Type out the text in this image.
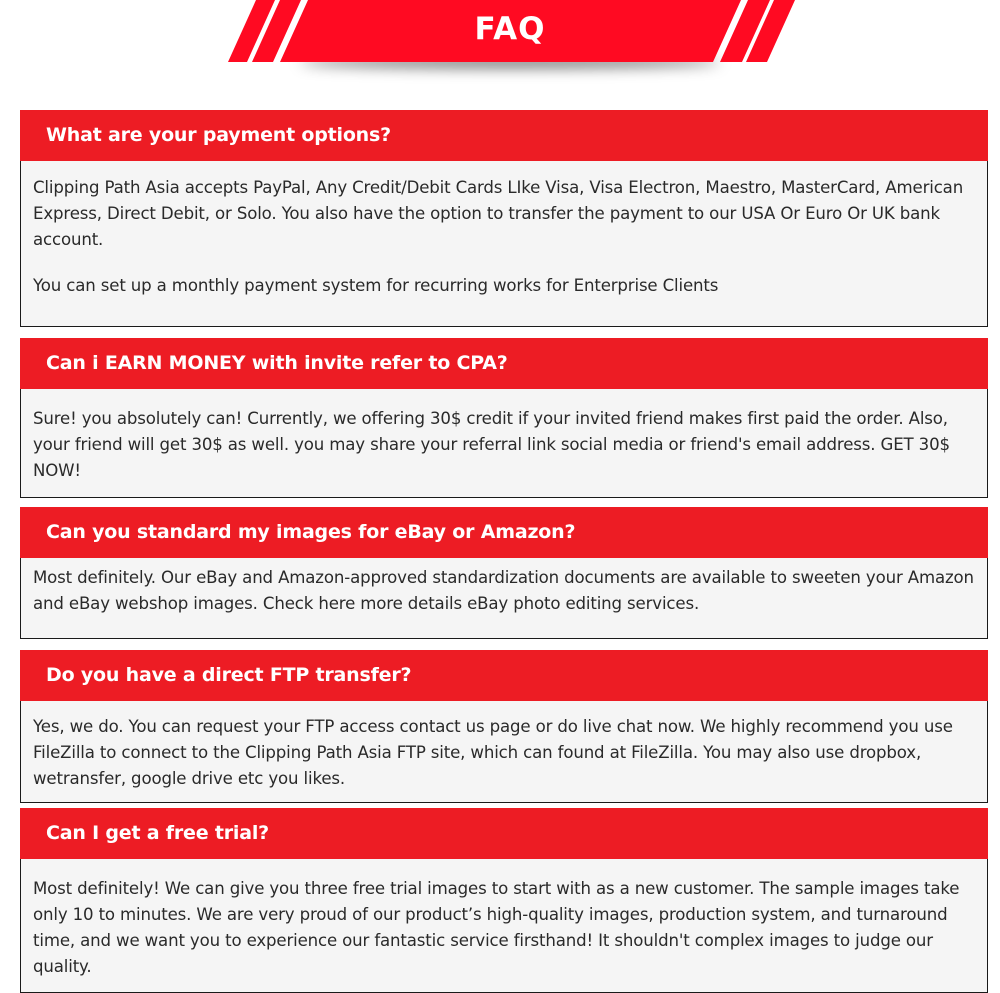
FAQ
What are your payment options?

Clipping Path Asia accepts PayPal, Any Credit/Debit Cards LIke Visa, Visa Electron, Maestro, MasterCard, American Express, Direct Debit, or Solo. You also have the option to transfer the payment to our USA Or Euro Or UK bank account.

You can set up a monthly payment system for recurring works for Enterprise Clients

Can i EARN MONEY with invite refer to CPA?

Sure! you absolutely can! Currently, we offering 30$ credit if your invited friend makes first paid the order. Also, your friend will get 30$ as well. you may share your referral link social media or friend's email address. GET 30$ NOW!

Can you standard my images for eBay or Amazon?

Most definitely. Our eBay and Amazon-approved standardization documents are available to sweeten your Amazon and eBay webshop images. Check here more details eBay photo editing services.

Do you have a direct FTP transfer?

Yes, we do. You can request your FTP access contact us page or do live chat now. We highly recommend you use FileZilla to connect to the Clipping Path Asia FTP site, which can found at FileZilla. You may also use dropbox, wetransfer, google drive etc you likes.

Can I get a free trial?

Most definitely! We can give you three free trial images to start with as a new customer. The sample images take only 10 to minutes. We are very proud of our product’s high-quality images, production system, and turnaround time, and we want you to experience our fantastic service firsthand! It shouldn't complex images to judge our quality.
